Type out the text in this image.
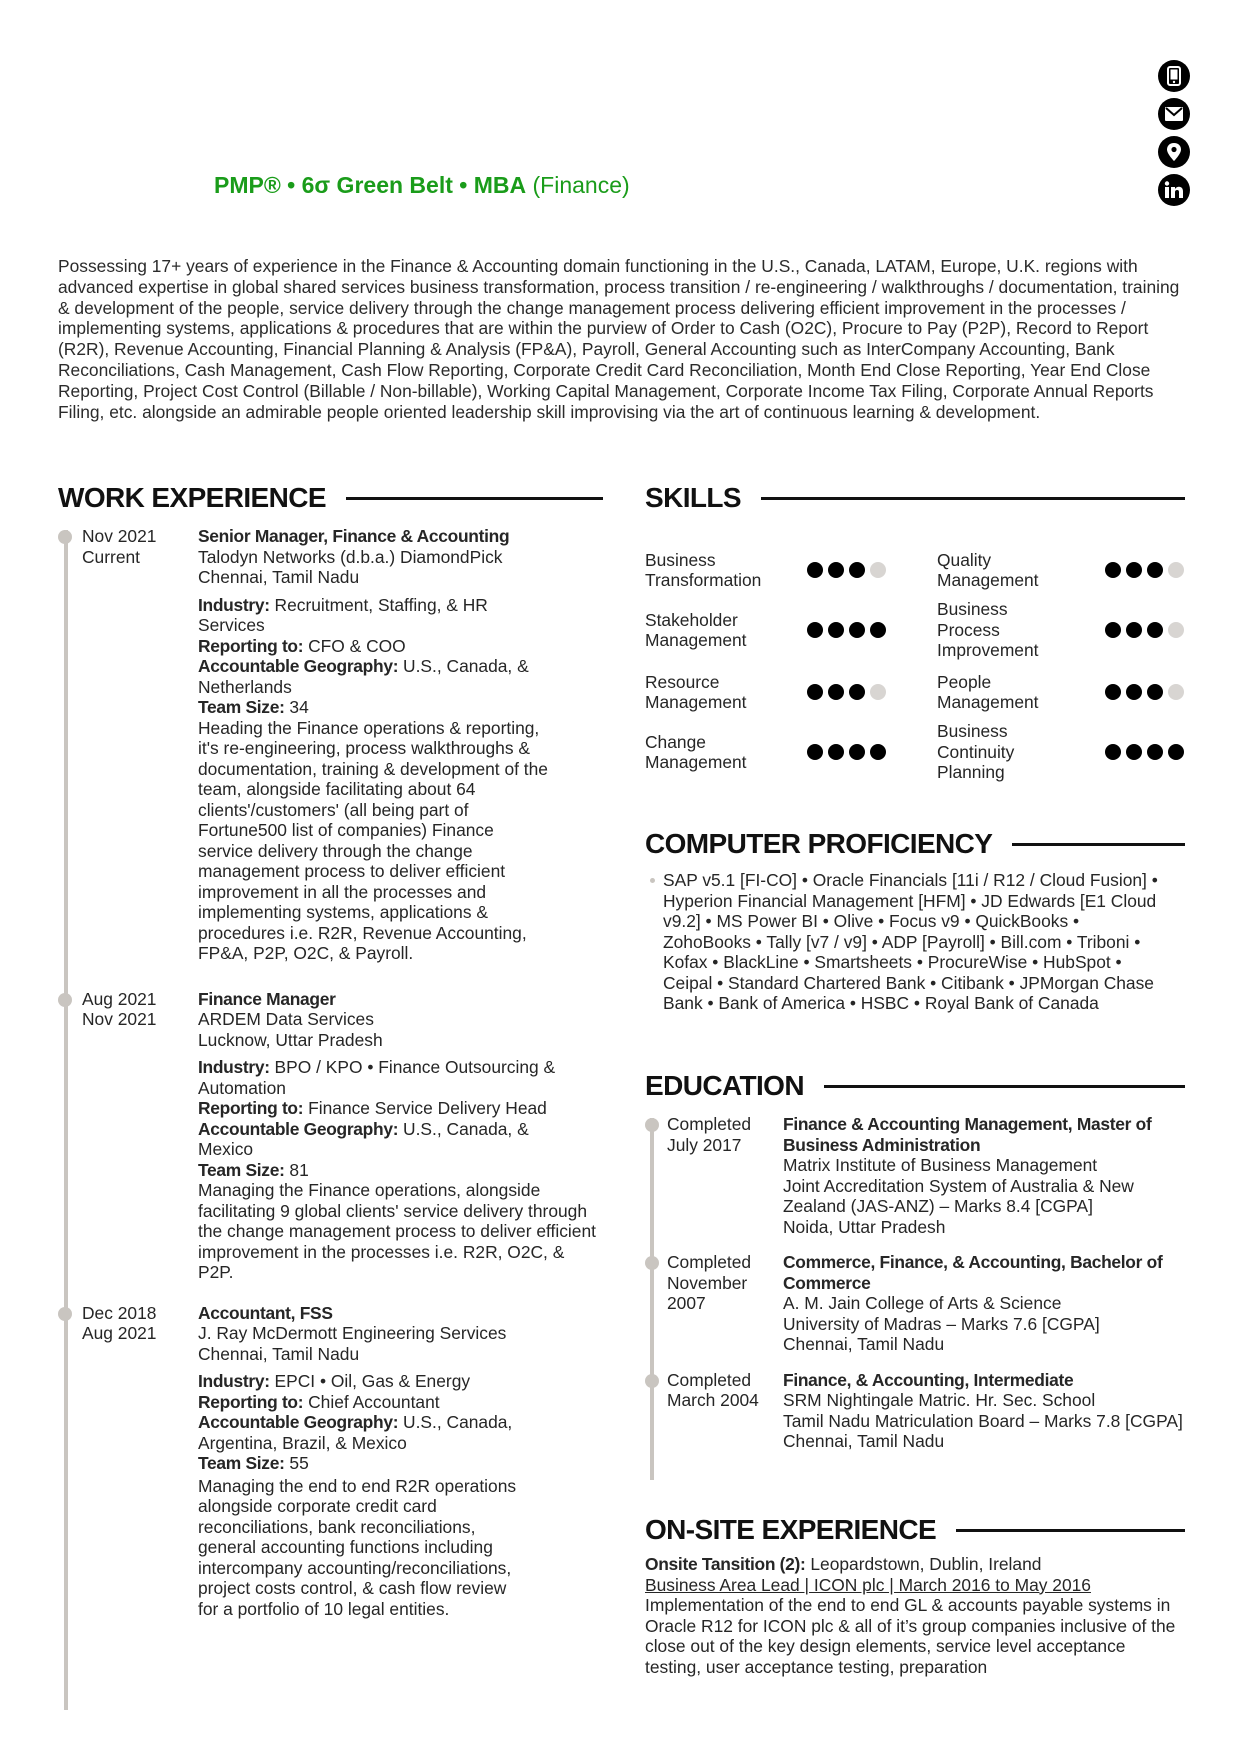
PMP® • 6σ Green Belt • MBA (Finance)
Possessing 17+ years of experience in the Finance & Accounting domain functioning in the U.S., Canada, LATAM, Europe, U.K. regions with advanced expertise in global shared services business transformation, process transition / re-engineering / walkthroughs / documentation, training & development of the people, service delivery through the change management process delivering efficient improvement in the processes / implementing systems, applications & procedures that are within the purview of Order to Cash (O2C), Procure to Pay (P2P), Record to Report (R2R), Revenue Accounting, Financial Planning & Analysis (FP&A), Payroll, General Accounting such as InterCompany Accounting, Bank Reconciliations, Cash Management, Cash Flow Reporting, Corporate Credit Card Reconciliation, Month End Close Reporting, Year End Close Reporting, Project Cost Control (Billable / Non-billable), Working Capital Management, Corporate Income Tax Filing, Corporate Annual Reports Filing, etc. alongside an admirable people oriented leadership skill improvising via the art of continuous learning & development.
WORK EXPERIENCE
Nov 2021
Current
Senior Manager, Finance & Accounting
Talodyn Networks (d.b.a.) DiamondPick
Chennai, Tamil Nadu
Industry: Recruitment, Staffing, & HR Services
Reporting to: CFO & COO
Accountable Geography: U.S., Canada, & Netherlands
Team Size: 34
Heading the Finance operations & reporting, it's re-engineering, process walkthroughs & documentation, training & development of the team, alongside facilitating about 64 clients'/customers' (all being part of Fortune500 list of companies) Finance service delivery through the change management process to deliver efficient improvement in all the processes and implementing systems, applications & procedures i.e. R2R, Revenue Accounting, FP&A, P2P, O2C, & Payroll.
Aug 2021
Nov 2021
Finance Manager
ARDEM Data Services
Lucknow, Uttar Pradesh
Industry: BPO / KPO • Finance Outsourcing & Automation
Reporting to: Finance Service Delivery Head
Accountable Geography: U.S., Canada, & Mexico
Team Size: 81
Managing the Finance operations, alongside facilitating 9 global clients' service delivery through the change management process to deliver efficient improvement in the processes i.e. R2R, O2C, & P2P.
Dec 2018
Aug 2021
Accountant, FSS
J. Ray McDermott Engineering Services
Chennai, Tamil Nadu
Industry: EPCI • Oil, Gas & Energy
Reporting to: Chief Accountant
Accountable Geography: U.S., Canada, Argentina, Brazil, & Mexico
Team Size: 55
Managing the end to end R2R operations alongside corporate credit card reconciliations, bank reconciliations, general accounting functions including intercompany accounting/reconciliations, project costs control, & cash flow review for a portfolio of 10 legal entities.
SKILLS
Business Transformation
Quality Management
Stakeholder Management
Business Process Improvement
Resource Management
People Management
Change Management
Business Continuity Planning
COMPUTER PROFICIENCY
SAP v5.1 [FI-CO] • Oracle Financials [11i / R12 / Cloud Fusion] • Hyperion Financial Management [HFM] • JD Edwards [E1 Cloud v9.2] • MS Power BI • Olive • Focus v9 • QuickBooks • ZohoBooks • Tally [v7 / v9] • ADP [Payroll] • Bill.com • Triboni • Kofax • BlackLine • Smartsheets • ProcureWise • HubSpot • Ceipal • Standard Chartered Bank • Citibank • JPMorgan Chase Bank • Bank of America • HSBC • Royal Bank of Canada
EDUCATION
Completed
July 2017
Finance & Accounting Management, Master of Business Administration
Matrix Institute of Business Management
Joint Accreditation System of Australia & New Zealand (JAS-ANZ) – Marks 8.4 [CGPA]
Noida, Uttar Pradesh
Completed
November 2007
Commerce, Finance, & Accounting, Bachelor of Commerce
A. M. Jain College of Arts & Science
University of Madras – Marks 7.6 [CGPA]
Chennai, Tamil Nadu
Completed
March 2004
Finance, & Accounting, Intermediate
SRM Nightingale Matric. Hr. Sec. School
Tamil Nadu Matriculation Board – Marks 7.8 [CGPA]
Chennai, Tamil Nadu
ON-SITE EXPERIENCE
Onsite Tansition (2): Leopardstown, Dublin, Ireland
Business Area Lead | ICON plc | March 2016 to May 2016
Implementation of the end to end GL & accounts payable systems in Oracle R12 for ICON plc & all of it’s group companies inclusive of the close out of the key design elements, service level acceptance testing, user acceptance testing, preparation
